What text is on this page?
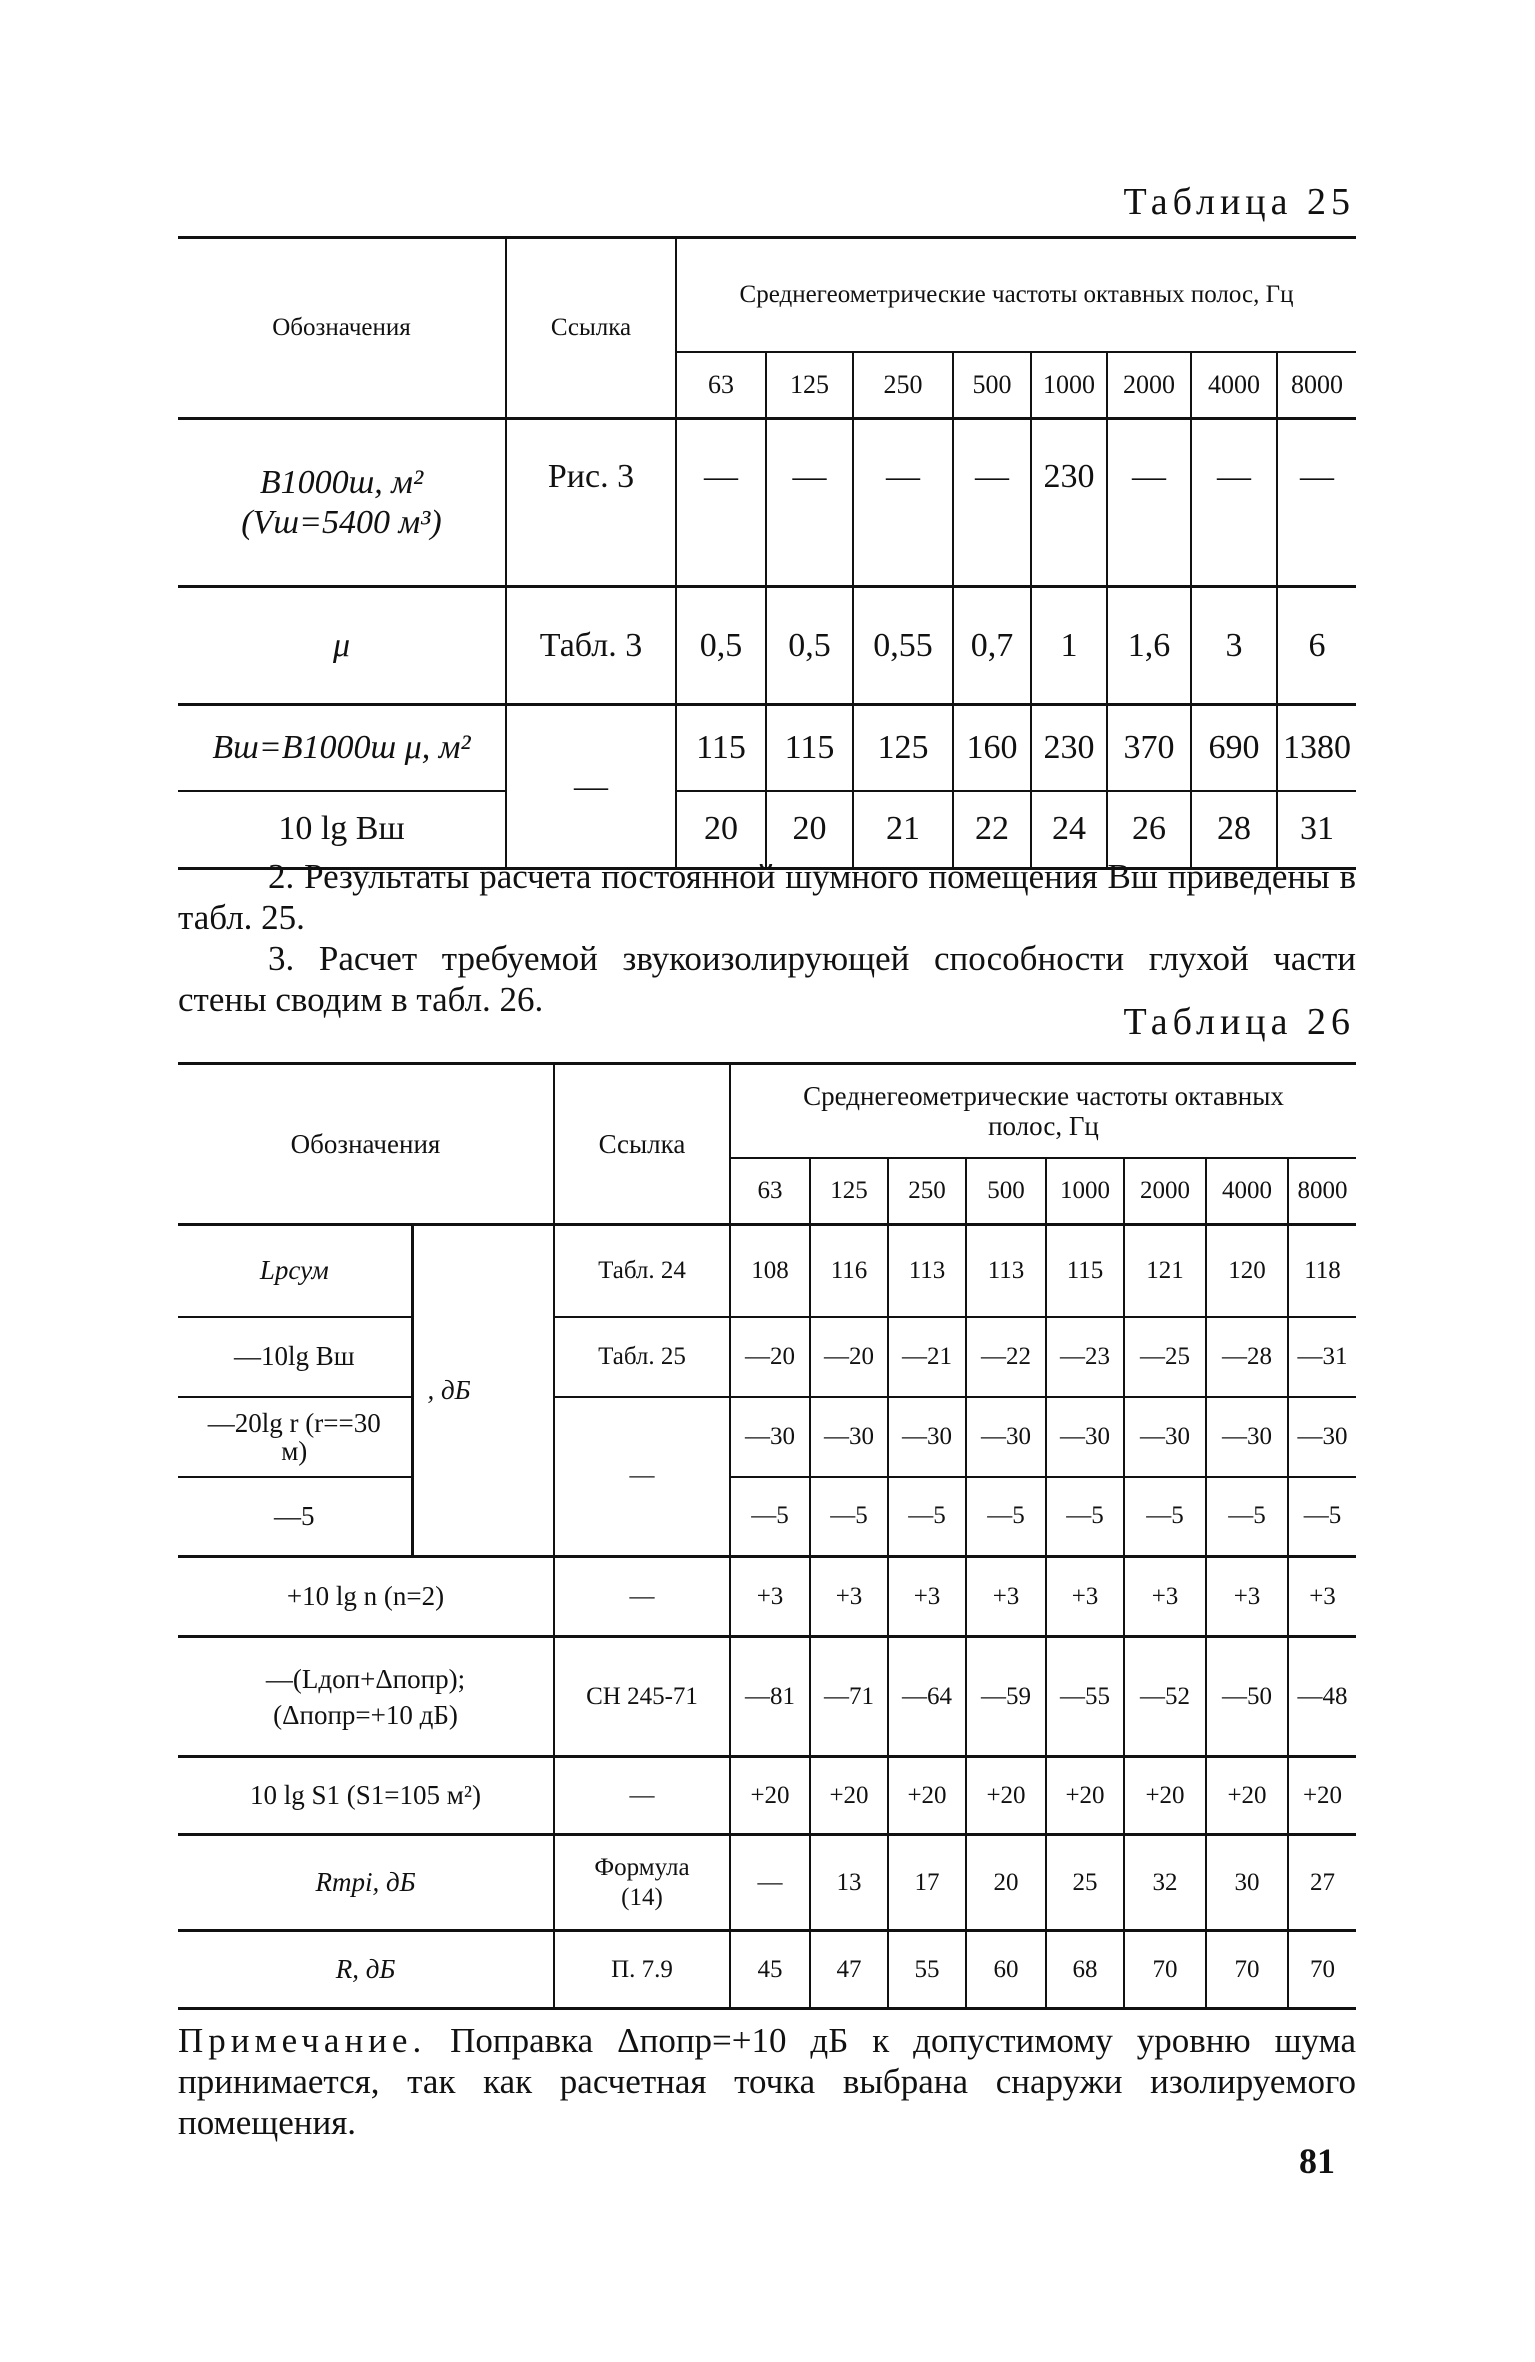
Таблица 25
Обозначения	Ссылка	Среднегеометрические частоты октавных полос, Гц							
		63	125	250	500	1000	2000	4000	8000

B1000ш, м²
(Vш=5400 м³)	Рис. 3	—	—	—	—	230	—	—	—
μ	Табл. 3	0,5	0,5	0,55	0,7	1	1,6	3	6
Bш=B1000ш μ, м²	—	115	115	125	160	230	370	690	1380
10 lg Bш		20	20	21	22	24	26	28	31
2. Результаты расчета постоянной шумного помещения Bш приведены в табл. 25.
3. Расчет требуемой звукоизолирующей способности глухой части стены сводим в табл. 26.
Таблица 26
Обозначения		Ссылка	Среднегеометрические частоты октавных полос, Гц							
			63	125	250	500	1000	2000	4000	8000
Lрсум	, дБ	Табл. 24	108	116	113	113	115	121	120	118
—10lg Bш		Табл. 25	—20	—20	—21	—22	—23	—25	—28	—31
—20lg r (r==30 м)		—	—30	—30	—30	—30	—30	—30	—30	—30
—5			—5	—5	—5	—5	—5	—5	—5	—5
+10 lg n (n=2)		—	+3	+3	+3	+3	+3	+3	+3	+3
—(Lдоп+Δпопр); (Δпопр=+10 дБ)		СН 245-71	—81	—71	—64	—59	—55	—52	—50	—48
10 lg S1 (S1=105 м²)		—	+20	+20	+20	+20	+20	+20	+20	+20
Rтрi, дБ		Формула (14)	—	13	17	20	25	32	30	27
R, дБ		П. 7.9	45	47	55	60	68	70	70	70
Примечание. Поправка Δпопр=+10 дБ к допустимому уровню шума принимается, так как расчетная точка выбрана снаружи изолируемого помещения.
81
